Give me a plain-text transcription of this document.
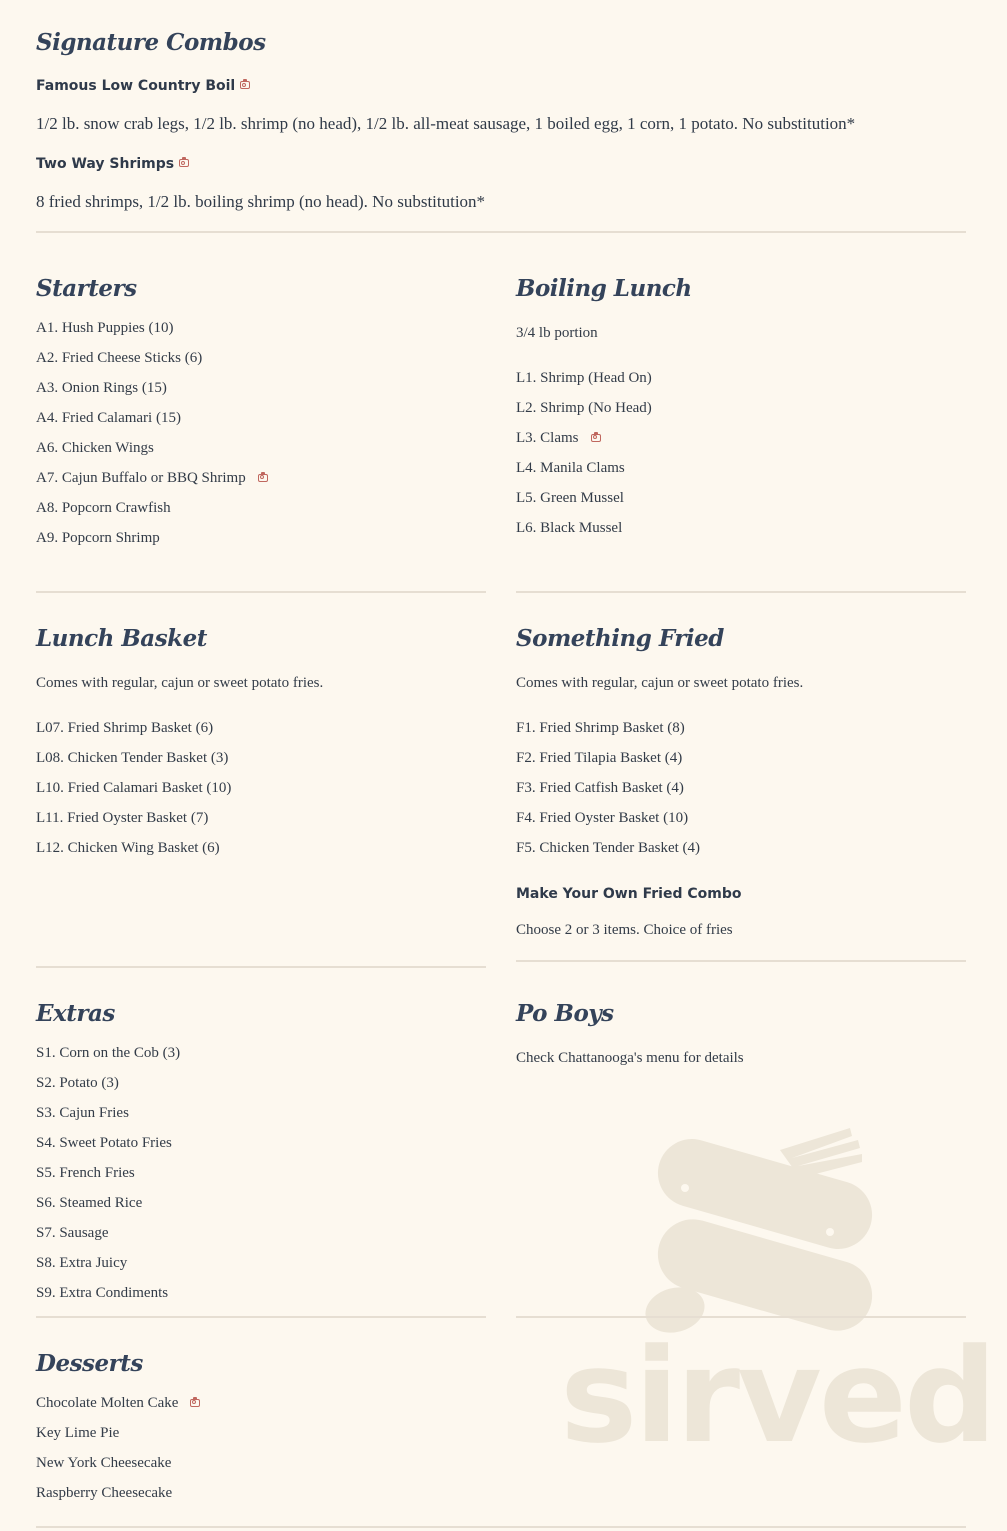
sirved
Signature Combos
Famous Low Country Boil

1/2 lb. snow crab legs, 1/2 lb. shrimp (no head), 1/2 lb. all-meat sausage, 1 boiled egg, 1 corn, 1 potato. No substitution*

Two Way Shrimps

8 fried shrimps, 1/2 lb. boiling shrimp (no head). No substitution*

Starters
A1. Hush Puppies (10)
A2. Fried Cheese Sticks (6)
A3. Onion Rings (15)
A4. Fried Calamari (15)
A6. Chicken Wings
A7. Cajun Buffalo or BBQ Shrimp
A8. Popcorn Crawfish
A9. Popcorn Shrimp
Boiling Lunch

3/4 lb portion

L1. Shrimp (Head On)
L2. Shrimp (No Head)
L3. Clams
L4. Manila Clams
L5. Green Mussel
L6. Black Mussel
Lunch Basket

Comes with regular, cajun or sweet potato fries.

L07. Fried Shrimp Basket (6)
L08. Chicken Tender Basket (3)
L10. Fried Calamari Basket (10)
L11. Fried Oyster Basket (7)
L12. Chicken Wing Basket (6)
Something Fried

Comes with regular, cajun or sweet potato fries.

F1. Fried Shrimp Basket (8)
F2. Fried Tilapia Basket (4)
F3. Fried Catfish Basket (4)
F4. Fried Oyster Basket (10)
F5. Chicken Tender Basket (4)
Make Your Own Fried Combo

Choose 2 or 3 items. Choice of fries

Extras
S1. Corn on the Cob (3)
S2. Potato (3)
S3. Cajun Fries
S4. Sweet Potato Fries
S5. French Fries
S6. Steamed Rice
S7. Sausage
S8. Extra Juicy
S9. Extra Condiments
Po Boys

Check Chattanooga's menu for details

Desserts
Chocolate Molten Cake
Key Lime Pie
New York Cheesecake
Raspberry Cheesecake
